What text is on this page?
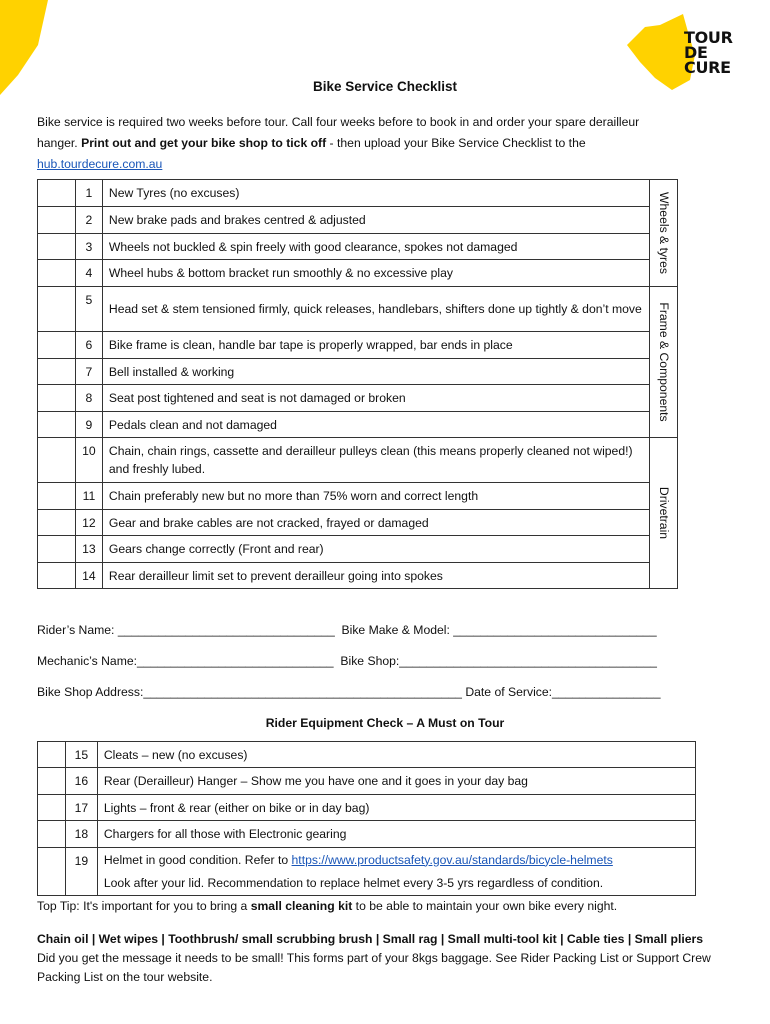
TOUR
DE
CURE
Bike Service Checklist
Bike service is required two weeks before tour. Call four weeks before to book in and order your spare derailleur
hanger. Print out and get your bike shop to tick off - then upload your Bike Service Checklist to the
hub.tourdecure.com.au
	1	New Tyres (no excuses)	Wheels & tyres

	2	New brake pads and brakes centred & adjusted	
	3	Wheels not buckled & spin freely with good clearance, spokes not damaged	
	4	Wheel hubs & bottom bracket run smoothly & no excessive play	
	5	Head set & stem tensioned firmly, quick releases, handlebars, shifters done up tightly & don’t move	Frame & Components

	6	Bike frame is clean, handle bar tape is properly wrapped, bar ends in place	
	7	Bell installed & working	
	8	Seat post tightened and seat is not damaged or broken	
	9	Pedals clean and not damaged	
	10	Chain, chain rings, cassette and derailleur pulleys clean (this means properly cleaned not wiped!) and freshly lubed.	Drivetrain

	11	Chain preferably new but no more than 75% worn and correct length	
	12	Gear and brake cables are not cracked, frayed or damaged	
	13	Gears change correctly (Front and rear)	
	14	Rear derailleur limit set to prevent derailleur going into spokes	
Rider’s Name: ________________________________  Bike Make & Model: ______________________________
Mechanic’s Name:_____________________________  Bike Shop:______________________________________
Bike Shop Address:_______________________________________________ Date of Service:________________
Rider Equipment Check – A Must on Tour
	15	Cleats – new (no excuses)
	16	Rear (Derailleur) Hanger – Show me you have one and it goes in your day bag
	17	Lights – front & rear (either on bike or in day bag)
	18	Chargers for all those with Electronic gearing
	19	Helmet in good condition. Refer to https://www.productsafety.gov.au/standards/bicycle-helmets
Look after your lid. Recommendation to replace helmet every 3-5 yrs regardless of condition.
Top Tip: It's important for you to bring a small cleaning kit to be able to maintain your own bike every night.
Chain oil | Wet wipes | Toothbrush/ small scrubbing brush | Small rag | Small multi-tool kit | Cable ties | Small pliers
Did you get the message it needs to be small! This forms part of your 8kgs baggage. See Rider Packing List or Support Crew Packing List on the tour website.
